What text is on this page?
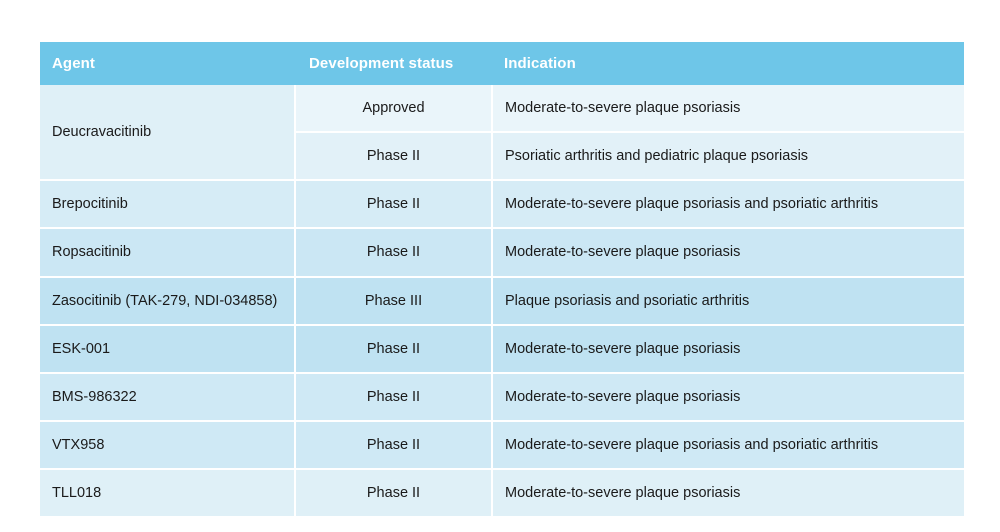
Agent	Development status	Indication
Deucravacitinib	Approved	Moderate-to-severe plaque psoriasis
	Phase II	Psoriatic arthritis and pediatric plaque psoriasis
Brepocitinib	Phase II	Moderate-to-severe plaque psoriasis and psoriatic arthritis
Ropsacitinib	Phase II	Moderate-to-severe plaque psoriasis
Zasocitinib (TAK-279, NDI-034858)	Phase III	Plaque psoriasis and psoriatic arthritis
ESK-001	Phase II	Moderate-to-severe plaque psoriasis
BMS-986322	Phase II	Moderate-to-severe plaque psoriasis
VTX958	Phase II	Moderate-to-severe plaque psoriasis and psoriatic arthritis
TLL018	Phase II	Moderate-to-severe plaque psoriasis
